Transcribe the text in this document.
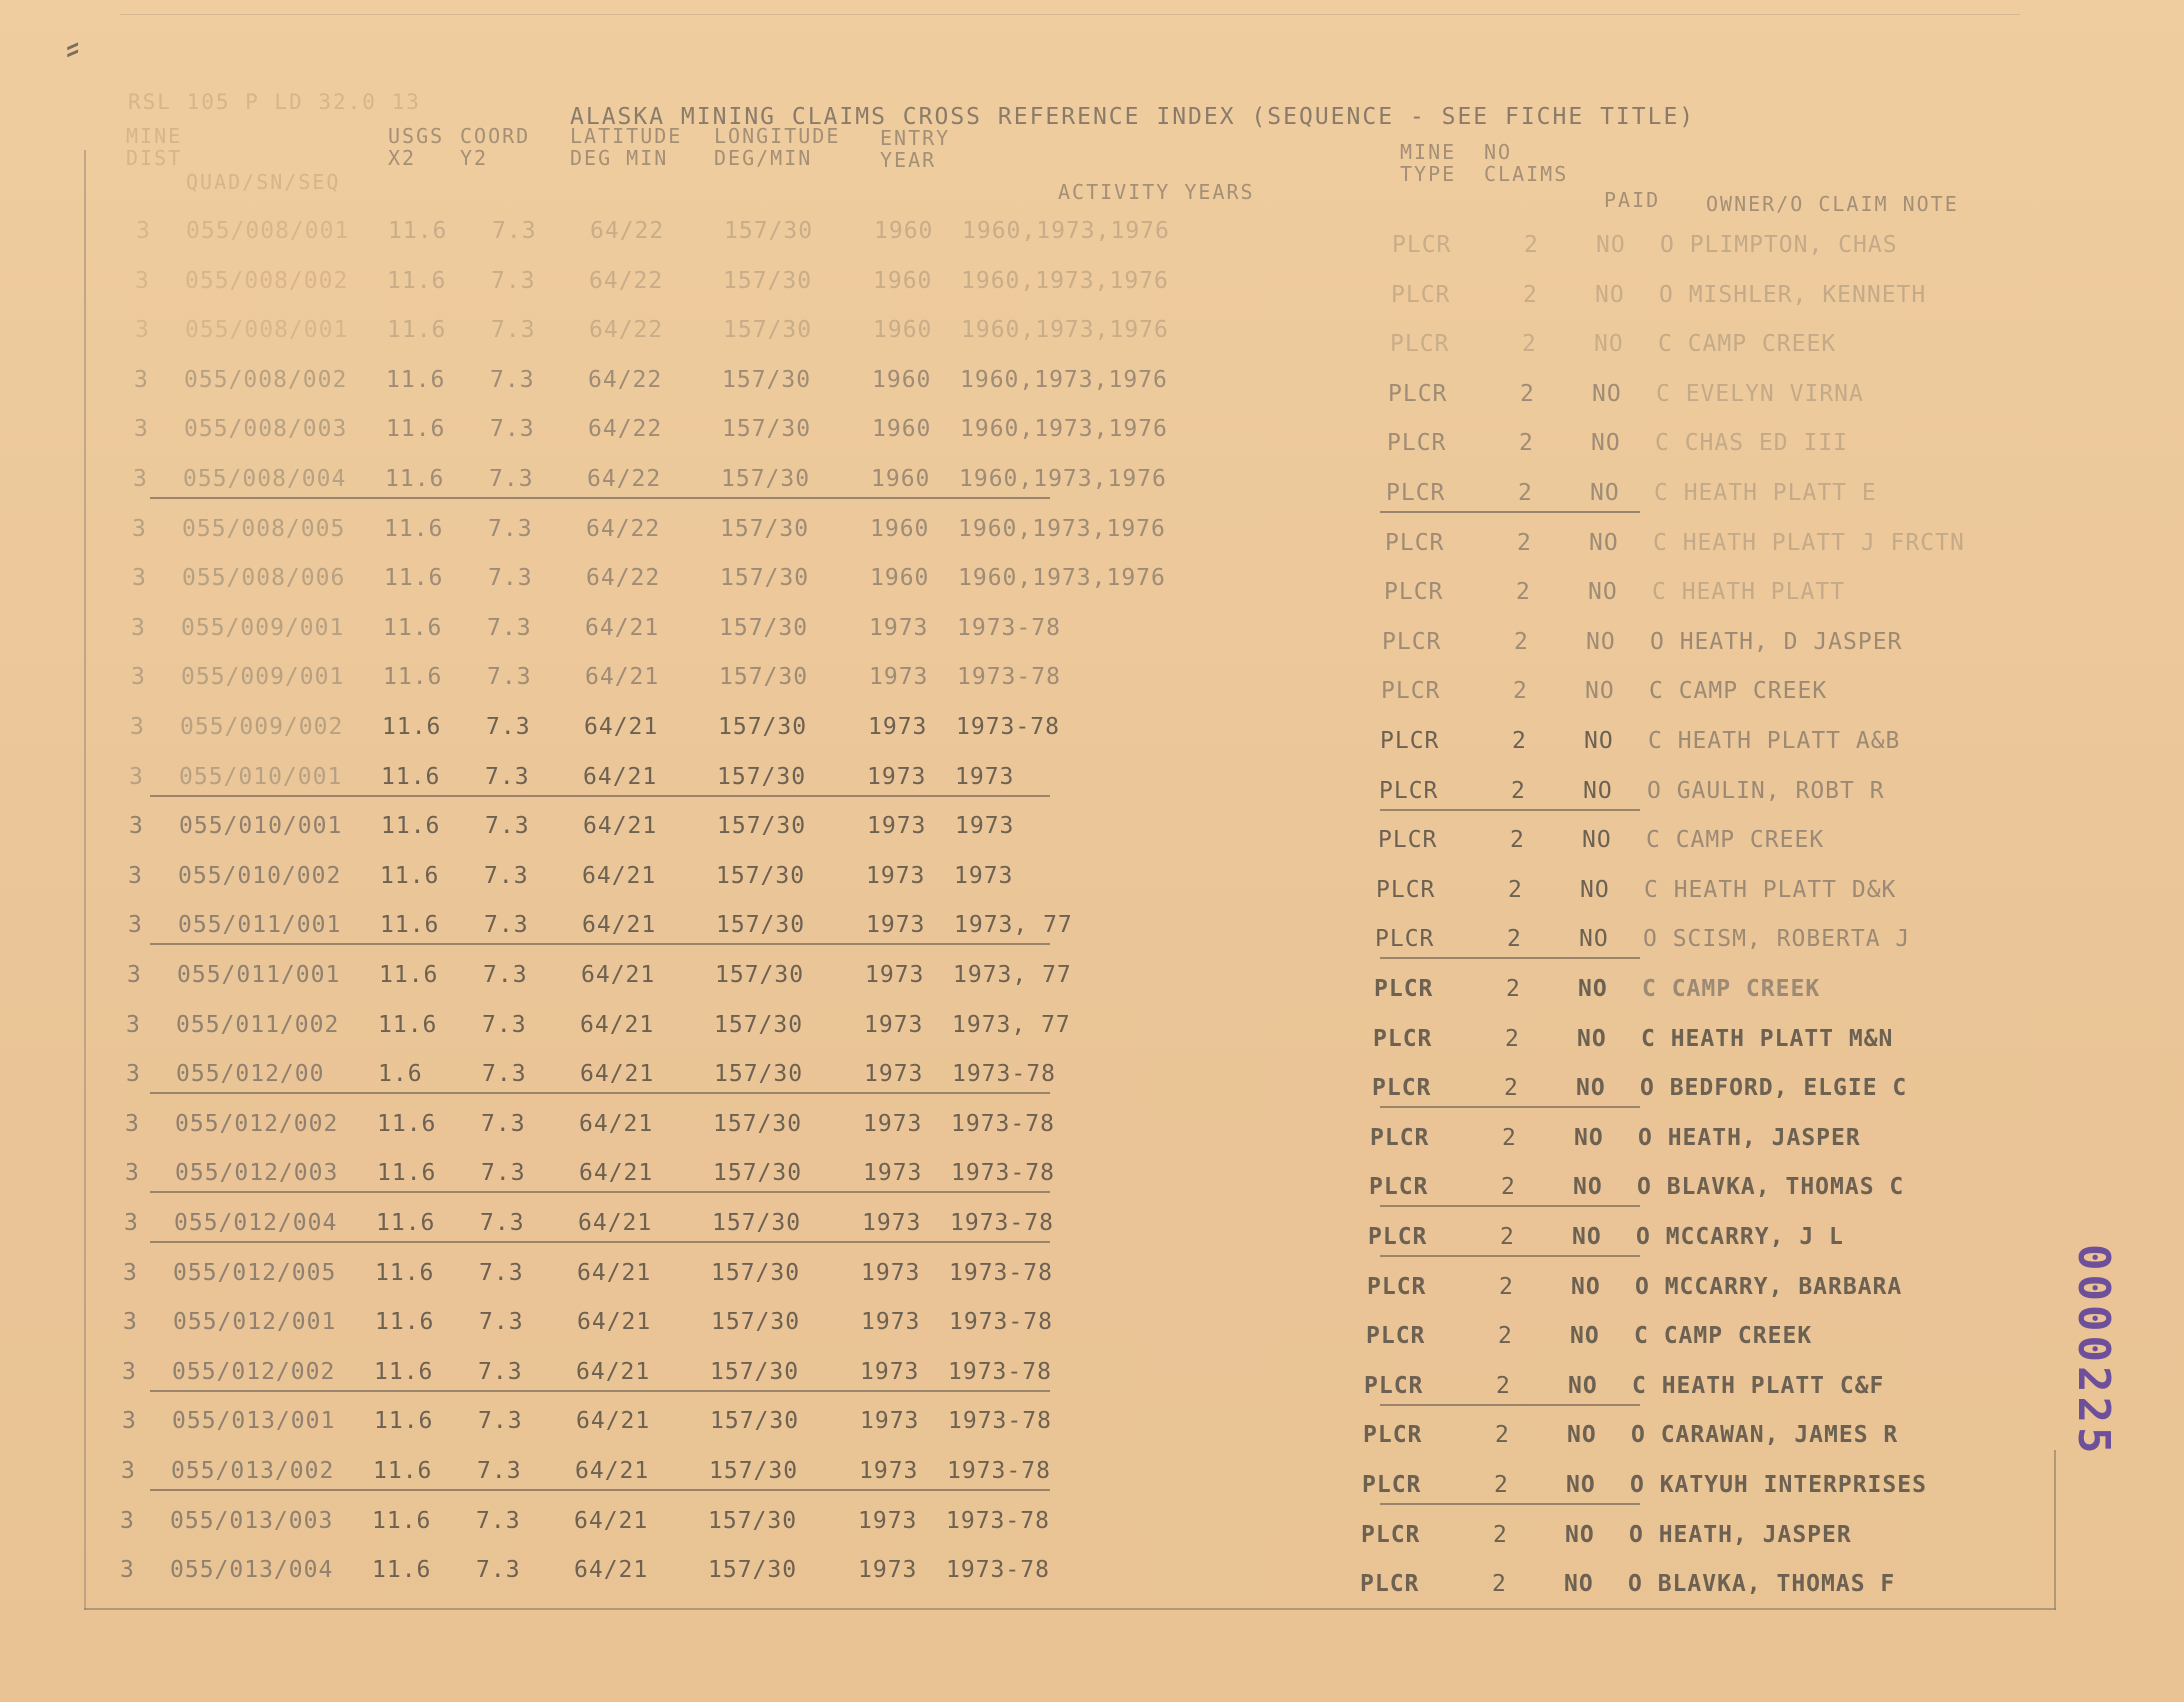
⸗
RSL 105 P LD 32.0 13
ALASKA MINING CLAIMS CROSS REFERENCE INDEX (SEQUENCE - SEE FICHE TITLE)
MINE
DIST
QUAD/SN/SEQ
USGS
X2
COORD
Y2
LATITUDE
DEG MIN
LONGITUDE
DEG/MIN
ENTRY
YEAR
ACTIVITY YEARS
MINE
TYPE
NO
CLAIMS
PAID OWNER/O CLAIM NOTE
3 055/008/001 11.6 7.3 64/22	157/30	1960 1960,1973,1976
PLCR	2 NO O PLIMPTON, CHAS
3 055/008/002 11.6 7.3 64/22	157/30	1960 1960,1973,1976
PLCR	2 NO O MISHLER, KENNETH
3 055/008/001 11.6 7.3 64/22	157/30	1960 1960,1973,1976
PLCR	2 NO C CAMP CREEK
3 055/008/002 11.6 7.3 64/22	157/30	1960 1960,1973,1976
PLCR	2 NO C EVELYN VIRNA
3 055/008/003 11.6 7.3 64/22	157/30	1960 1960,1973,1976
PLCR	2 NO C CHAS ED III
3 055/008/004 11.6 7.3 64/22	157/30	1960 1960,1973,1976
PLCR	2 NO C HEATH PLATT E
3 055/008/005 11.6 7.3 64/22	157/30	1960 1960,1973,1976
PLCR	2 NO C HEATH PLATT J FRCTN
3 055/008/006 11.6 7.3 64/22	157/30	1960 1960,1973,1976
PLCR	2 NO C HEATH PLATT
3 055/009/001 11.6 7.3 64/21	157/30	1973 1973-78
PLCR	2 NO O HEATH, D JASPER
3 055/009/001 11.6 7.3 64/21	157/30	1973 1973-78
PLCR	2 NO C CAMP CREEK
3 055/009/002 11.6 7.3 64/21	157/30	1973 1973-78
PLCR	2 NO C HEATH PLATT A&B
3 055/010/001 11.6 7.3 64/21	157/30	1973 1973
PLCR	2 NO O GAULIN, ROBT R
3 055/010/001 11.6 7.3 64/21	157/30	1973 1973
PLCR	2 NO C CAMP CREEK
3 055/010/002 11.6 7.3 64/21	157/30	1973 1973
PLCR	2 NO C HEATH PLATT D&K
3 055/011/001 11.6 7.3 64/21	157/30	1973 1973, 77
PLCR	2 NO O SCISM, ROBERTA J
3 055/011/001 11.6 7.3 64/21	157/30	1973 1973, 77
PLCR	2 NO C CAMP CREEK
3 055/011/002 11.6 7.3 64/21	157/30	1973 1973, 77
PLCR	2 NO C HEATH PLATT M&N
3 055/012/00 1.6	7.3 64/21	157/30	1973 1973-78
PLCR	2 NO O BEDFORD, ELGIE C
3 055/012/002 11.6 7.3 64/21	157/30	1973 1973-78
PLCR	2 NO O HEATH, JASPER
3 055/012/003 11.6 7.3 64/21	157/30	1973 1973-78
PLCR	2 NO O BLAVKA, THOMAS C
3 055/012/004 11.6 7.3 64/21	157/30	1973 1973-78
PLCR	2 NO O MCCARRY, J L
3 055/012/005 11.6 7.3 64/21	157/30	1973 1973-78
PLCR	2 NO O MCCARRY, BARBARA
3 055/012/001 11.6 7.3 64/21	157/30	1973 1973-78
PLCR	2 NO C CAMP CREEK
3 055/012/002 11.6 7.3 64/21	157/30	1973 1973-78
PLCR	2 NO C HEATH PLATT C&F
3 055/013/001 11.6 7.3 64/21	157/30	1973 1973-78
PLCR	2 NO O CARAWAN, JAMES R
3 055/013/002 11.6 7.3 64/21	157/30	1973 1973-78
PLCR	2 NO O KATYUH INTERPRISES
3 055/013/003 11.6 7.3 64/21	157/30	1973 1973-78
PLCR	2 NO O HEATH, JASPER
3 055/013/004 11.6 7.3 64/21	157/30	1973 1973-78
PLCR	2 NO O BLAVKA, THOMAS F
0000225
